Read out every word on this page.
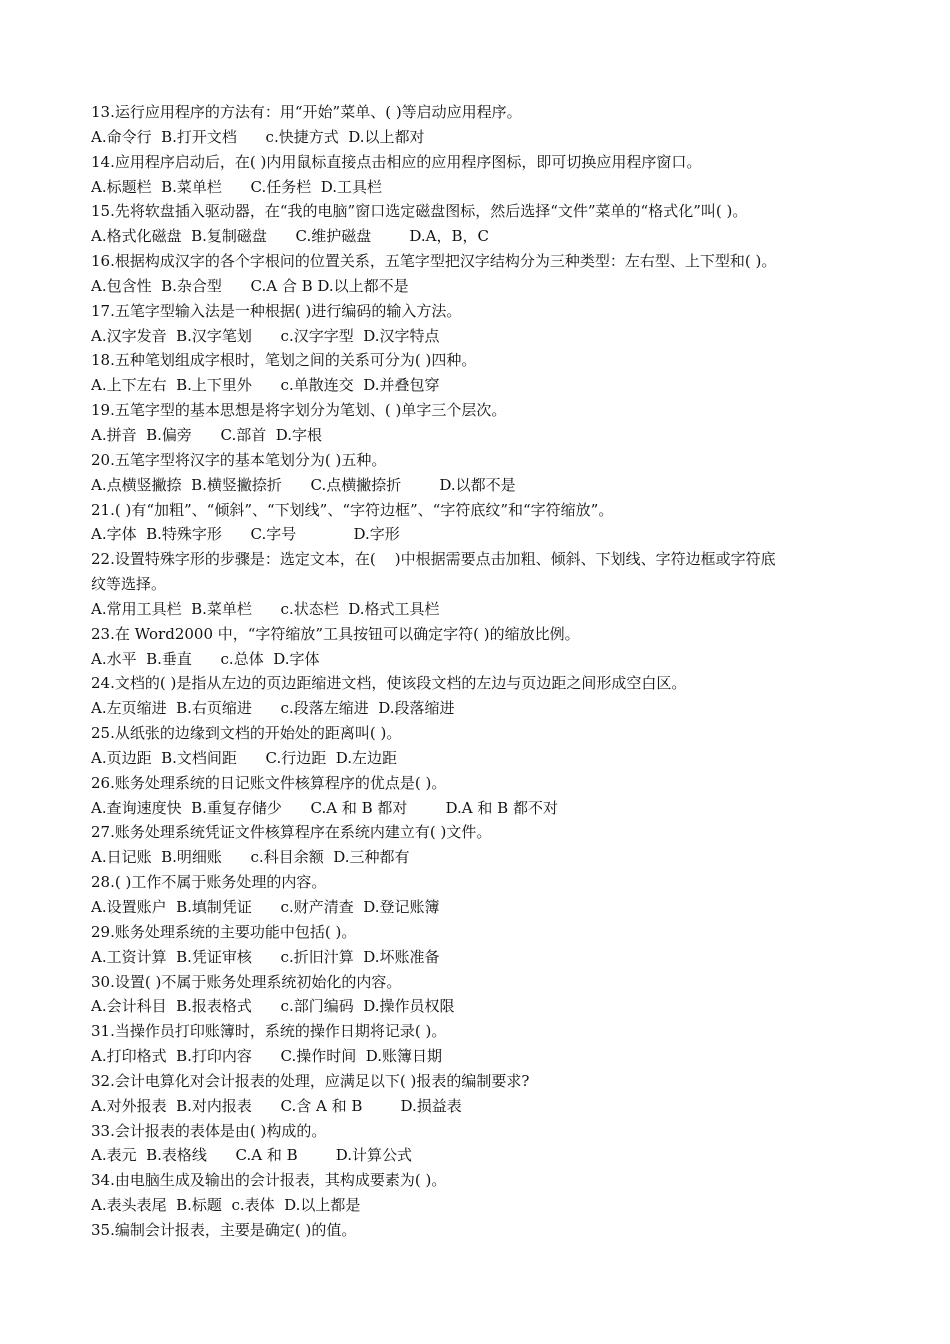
13.运行应用程序的方法有：用“开始”菜单、( )等启动应用程序。
A.命令行  B.打开文档      c.快捷方式  D.以上都对
14.应用程序启动后，在( )内用鼠标直接点击相应的应用程序图标，即可切换应用程序窗口。
A.标题栏  B.菜单栏      C.任务栏  D.工具栏
15.先将软盘插入驱动器，在“我的电脑”窗口选定磁盘图标，然后选择“文件”菜单的“格式化”叫( )。
A.格式化磁盘  B.复制磁盘      C.维护磁盘        D.A，B，C
16.根据构成汉字的各个字根问的位置关系，五笔字型把汉字结构分为三种类型：左右型、上下型和( )。
A.包含性  B.杂合型      C.A 合 B D.以上都不是
17.五笔字型输入法是一种根据( )进行编码的输入方法。
A.汉字发音  B.汉字笔划      c.汉字字型  D.汉字特点
18.五种笔划组成字根时，笔划之间的关系可分为( )四种。
A.上下左右  B.上下里外      c.单散连交  D.并叠包穿
19.五笔字型的基本思想是将字划分为笔划、( )单字三个层次。
A.拼音  B.偏旁      C.部首  D.字根
20.五笔字型将汉字的基本笔划分为( )五种。
A.点横竖撇捺  B.横竖撇捺折      C.点横撇捺折        D.以都不是
21.( )有“加粗”、“倾斜”、“下划线”、“字符边框”、“字符底纹”和“字符缩放”。
A.字体  B.特殊字形      C.字号            D.字形
22.设置特殊字形的步骤是：选定文本，在(    )中根据需要点击加粗、倾斜、下划线、字符边框或字符底
纹等选择。
A.常用工具栏  B.菜单栏      c.状态栏  D.格式工具栏
23.在 Word2000 中，“字符缩放”工具按钮可以确定字符( )的缩放比例。
A.水平  B.垂直      c.总体  D.字体
24.文档的( )是指从左边的页边距缩进文档，使该段文档的左边与页边距之间形成空白区。
A.左页缩进  B.右页缩进      c.段落左缩进  D.段落缩进
25.从纸张的边缘到文档的开始处的距离叫( )。
A.页边距  B.文档间距      C.行边距  D.左边距
26.账务处理系统的日记账文件核算程序的优点是( )。
A.查询速度快  B.重复存储少      C.A 和 B 都对        D.A 和 B 都不对
27.账务处理系统凭证文件核算程序在系统内建立有( )文件。
A.日记账  B.明细账      c.科目余额  D.三种都有
28.( )工作不属于账务处理的内容。
A.设置账户  B.填制凭证      c.财产清查  D.登记账簿
29.账务处理系统的主要功能中包括( )。
A.工资计算  B.凭证审核      c.折旧汁算  D.坏账准备
30.设置( )不属于账务处理系统初始化的内容。
A.会计科目  B.报表格式      c.部门编码  D.操作员权限
31.当操作员打印账簿时，系统的操作日期将记录( )。
A.打印格式  B.打印内容      C.操作时间  D.账簿日期
32.会计电算化对会计报表的处理，应满足以下( )报表的编制要求?
A.对外报表  B.对内报表      C.含 A 和 B        D.损益表
33.会计报表的表体是由( )构成的。
A.表元  B.表格线      C.A 和 B        D.计算公式
34.由电脑生成及输出的会计报表，其构成要素为( )。
A.表头表尾  B.标题  c.表体  D.以上都是
35.编制会计报表，主要是确定( )的值。
